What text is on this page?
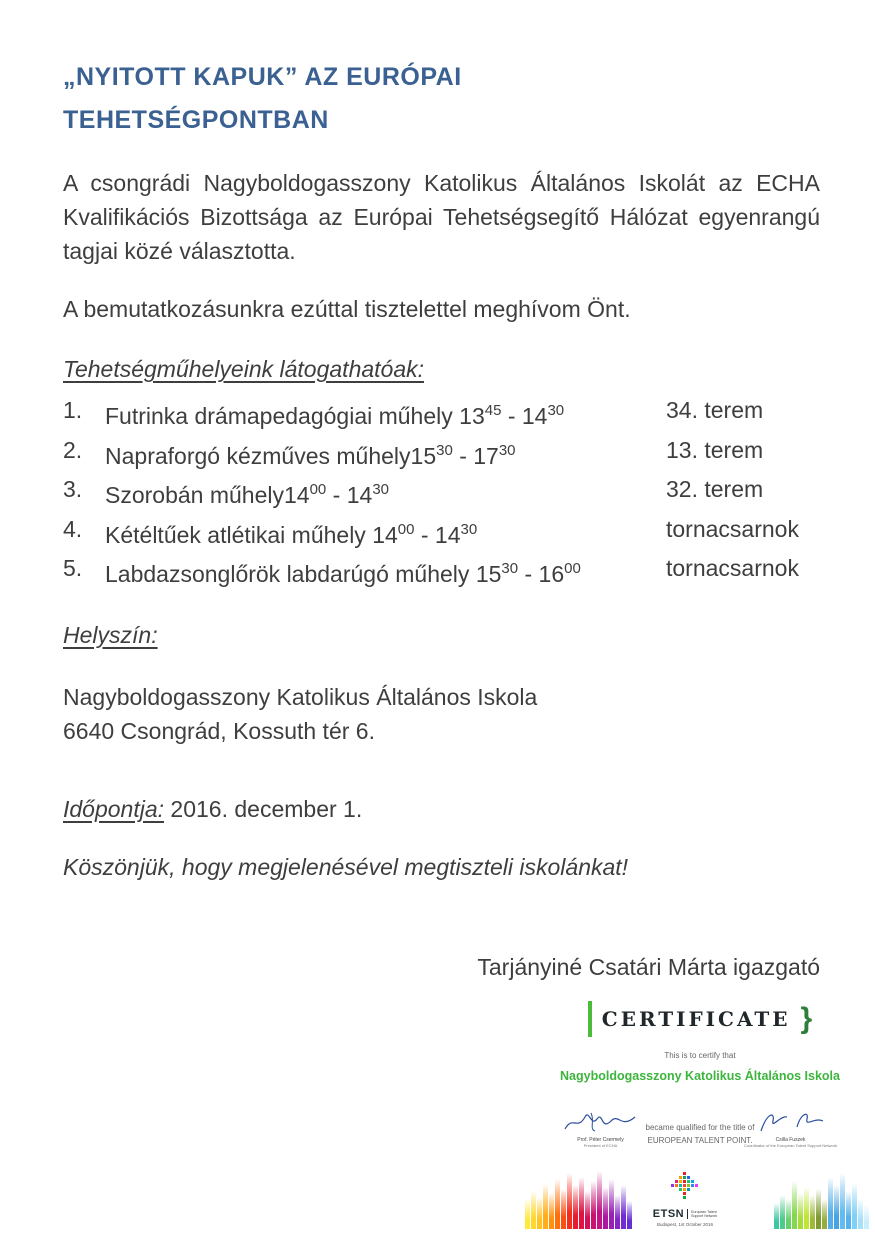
„NYITOTT KAPUK” AZ EURÓPAI
TEHETSÉGPONTBAN

A csongrádi Nagyboldogasszony Katolikus Általános Iskolát az ECHA Kvalifikációs Bizottsága az Európai Tehetségsegítő Hálózat egyenrangú tagjai közé választotta.

A bemutatkozásunkra ezúttal tisztelettel meghívom Önt.

Tehetségműhelyeink látogathatóak:
1. Futrinka drámapedagógiai műhely $13^{45} - 14^{30}$	34. terem
2. Napraforgó kézműves $műhely15^{30} - 17^{30}$	13. terem
3. Szorobán $műhely14^{00} - 14^{30}$	32. terem
4. Kétéltűek atlétikai műhely $14^{00} - 14^{30}$	tornacsarnok
5. Labdazsonglőrök labdarúgó műhely $15^{30} - 16^{00}$	tornacsarnok
Helyszín:
Nagyboldogasszony Katolikus Általános Iskola
6640 Csongrád, Kossuth tér 6.
Időpontja: 2016. december 1.
Köszönjük, hogy megjelenésével megtiszteli iskolánkat!
Tarjányiné Csatári Márta igazgató
CERTIFICATE }
This is to certify that
Nagyboldogasszony Katolikus Általános Iskola
became qualified for the title of
EUROPEAN TALENT POINT.
Prof. Péter Csermely
President of ECHA
Csilla Fuszek
Coordinator of the European Talent Support Network
ETSN European Talent
Support Network
Budapest, 1st October 2016
